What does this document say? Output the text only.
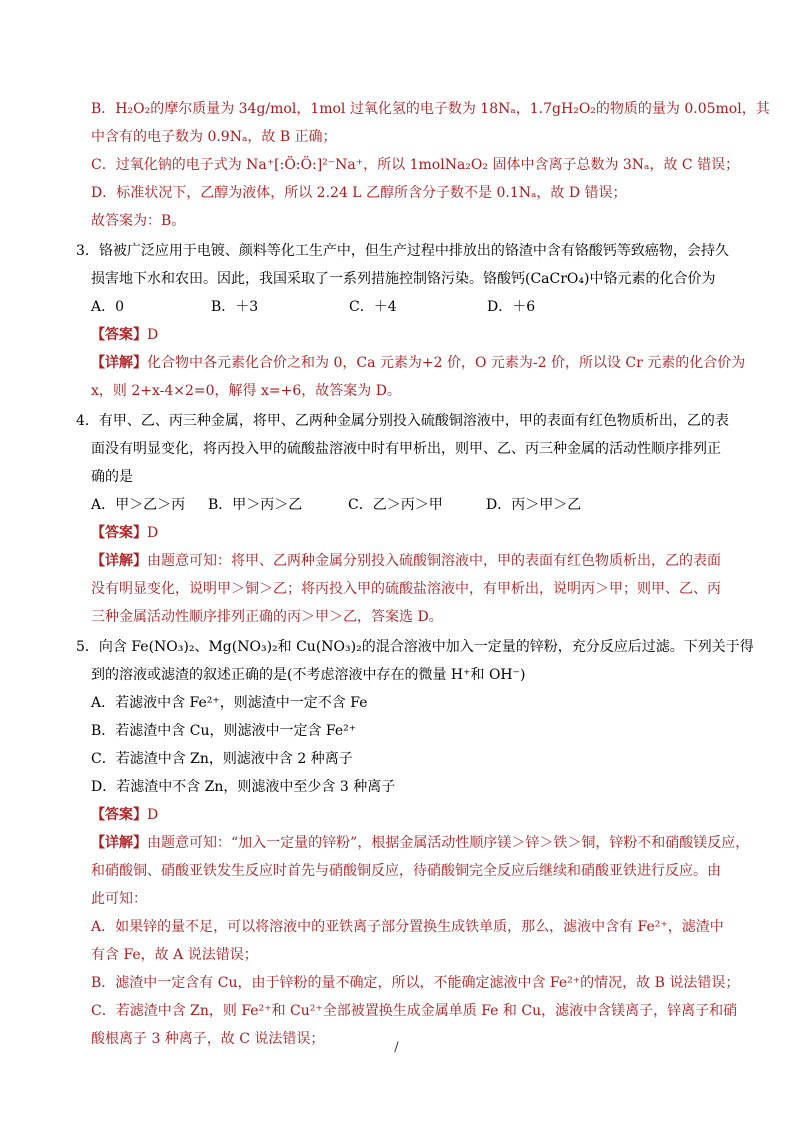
B．H₂O₂的摩尔质量为 34g/mol，1mol 过氧化氢的电子数为 18Nₐ，1.7gH₂O₂的物质的量为 0.05mol，其
中含有的电子数为 0.9Nₐ，故 B 正确；
C．过氧化钠的电子式为 Na⁺[:Ö:Ö:]²⁻Na⁺，所以 1molNa₂O₂ 固体中含离子总数为 3Nₐ，故 C 错误；
D．标准状况下，乙醇为液体，所以 2.24 L 乙醇所含分子数不是 0.1Nₐ，故 D 错误；
故答案为：B。
3．铬被广泛应用于电镀、颜料等化工生产中，但生产过程中排放出的铬渣中含有铬酸钙等致癌物，会持久
损害地下水和农田。因此，我国采取了一系列措施控制铬污染。铬酸钙(CaCrO₄)中铬元素的化合价为
A．0	B．＋3	C．＋4	D．＋6
【答案】D
【详解】化合物中各元素化合价之和为 0，Ca 元素为+2 价，O 元素为-2 价，所以设 Cr 元素的化合价为
x，则 2+x-4×2=0，解得 x=+6，故答案为 D。
4．有甲、乙、丙三种金属，将甲、乙两种金属分别投入硫酸铜溶液中，甲的表面有红色物质析出，乙的表
面没有明显变化，将丙投入甲的硫酸盐溶液中时有甲析出，则甲、乙、丙三种金属的活动性顺序排列正
确的是
A．甲＞乙＞丙 B．甲＞丙＞乙	C．乙＞丙＞甲	D．丙＞甲＞乙
【答案】D
【详解】由题意可知：将甲、乙两种金属分别投入硫酸铜溶液中，甲的表面有红色物质析出，乙的表面
没有明显变化，说明甲＞铜＞乙；将丙投入甲的硫酸盐溶液中，有甲析出，说明丙＞甲；则甲、乙、丙
三种金属活动性顺序排列正确的丙＞甲＞乙，答案选 D。
5．向含 Fe(NO₃)₂、Mg(NO₃)₂和 Cu(NO₃)₂的混合溶液中加入一定量的锌粉，充分反应后过滤。下列关于得
到的溶液或滤渣的叙述正确的是(不考虑溶液中存在的微量 H⁺和 OH⁻)
A．若滤液中含 Fe²⁺，则滤渣中一定不含 Fe
B．若滤渣中含 Cu，则滤液中一定含 Fe²⁺
C．若滤渣中含 Zn，则滤液中含 2 种离子
D．若滤渣中不含 Zn，则滤液中至少含 3 种离子
【答案】D
【详解】由题意可知：“加入一定量的锌粉”，根据金属活动性顺序镁＞锌＞铁＞铜，锌粉不和硝酸镁反应，
和硝酸铜、硝酸亚铁发生反应时首先与硝酸铜反应，待硝酸铜完全反应后继续和硝酸亚铁进行反应。由
此可知：
A．如果锌的量不足，可以将溶液中的亚铁离子部分置换生成铁单质，那么，滤液中含有 Fe²⁺，滤渣中
有含 Fe，故 A 说法错误；
B．滤渣中一定含有 Cu，由于锌粉的量不确定，所以，不能确定滤液中含 Fe²⁺的情况，故 B 说法错误；
C．若滤渣中含 Zn，则 Fe²⁺和 Cu²⁺全部被置换生成金属单质 Fe 和 Cu，滤液中含镁离子，锌离子和硝
酸根离子 3 种离子，故 C 说法错误；
/
